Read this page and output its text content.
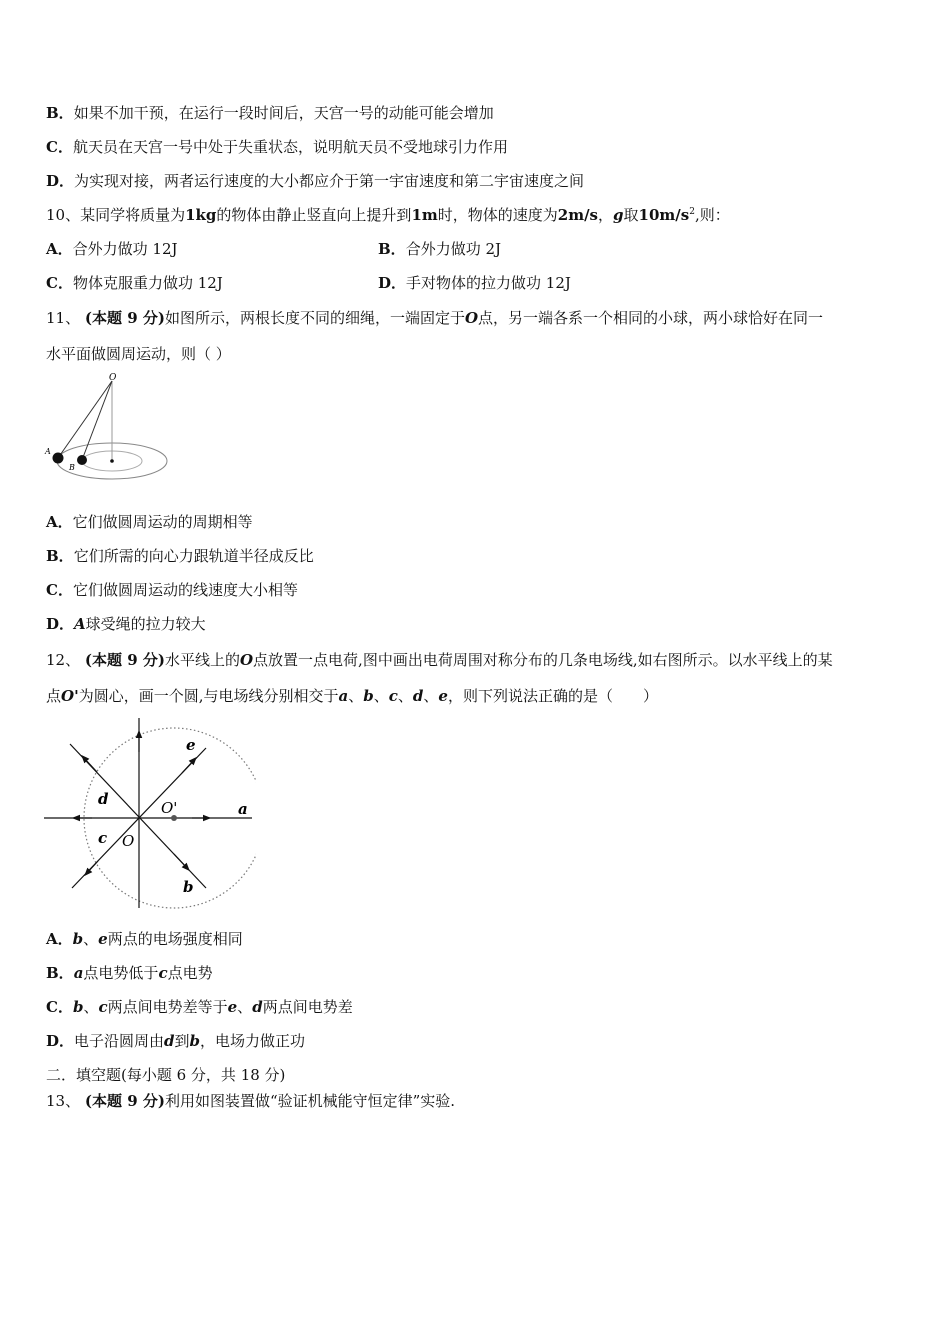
B．如果不加干预，在运行一段时间后，天宫一号的动能可能会增加
C．航天员在天宫一号中处于失重状态，说明航天员不受地球引力作用
D．为实现对接，两者运行速度的大小都应介于第一宇宙速度和第二宇宙速度之间
10、某同学将质量为1kg的物体由静止竖直向上提升到1m时，物体的速度为2m/s，g取$10m/s^2$,则：
A．合外力做功 12J	B．合外力做功 2J
C．物体克服重力做功 12J	D．手对物体的拉力做功 12J
11、 (本题 9 分)如图所示，两根长度不同的细绳，一端固定于O点，另一端各系一个相同的小球，两小球恰好在同一
水平面做圆周运动，则（ ）
O
A
B
A．它们做圆周运动的周期相等
B．它们所需的向心力跟轨道半径成反比
C．它们做圆周运动的线速度大小相等
D．A球受绳的拉力较大
12、 (本题 9 分)水平线上的O点放置一点电荷,图中画出电荷周围对称分布的几条电场线,如右图所示。以水平线上的某
点O'为圆心，画一个圆,与电场线分别相交于a、b、c、d、e，则下列说法正确的是（　　）
e
d	O'	a
c O
b
A．b、e两点的电场强度相同
B．a点电势低于c点电势
C．b、c两点间电势差等于e、d两点间电势差
D．电子沿圆周由d到b，电场力做正功
二．填空题(每小题 6 分，共 18 分)
13、 (本题 9 分)利用如图装置做“验证机械能守恒定律”实验.
